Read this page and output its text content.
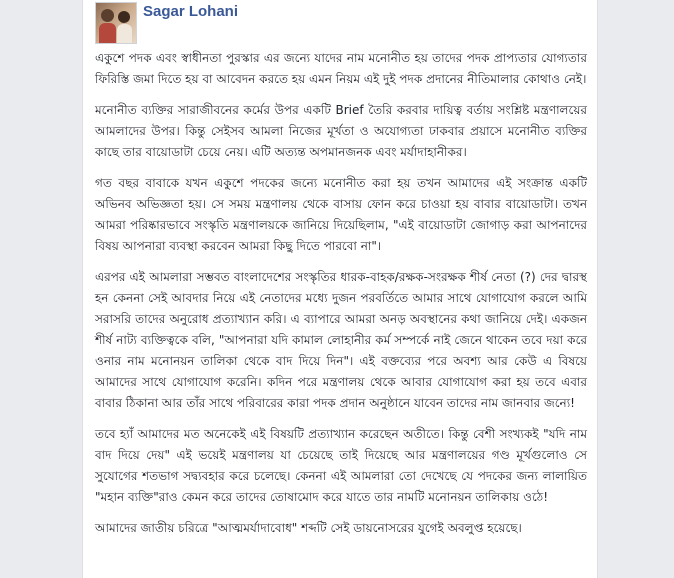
Sagar Lohani

একুশে পদক এবং স্বাধীনতা পুরস্কার এর জন্যে যাদের নাম মনোনীত হয় তাদের পদক প্রাপ্যতার যোগ্যতার ফিরিস্তি জমা দিতে হয় বা আবেদন করতে হয় এমন নিয়ম এই দুই পদক প্রদানের নীতিমালার কোথাও নেই।

মনোনীত ব্যক্তির সারাজীবনের কর্মের উপর একটি Brief তৈরি করবার দায়িত্ব বর্তায় সংশ্লিষ্ট মন্ত্রণালয়ের আমলাদের উপর। কিন্তু সেইসব আমলা নিজের মূর্খতা ও অযোগ্যতা ঢাকবার প্রয়াসে মনোনীত ব্যক্তির কাছে তার বায়োডাটা চেয়ে নেয়। এটি অত্যন্ত অপমানজনক এবং মর্যাদাহানীকর।

গত বছর বাবাকে যখন একুশে পদকের জন্যে মনোনীত করা হয় তখন আমাদের এই সংক্রান্ত একটি অভিনব অভিজ্ঞতা হয়। সে সময় মন্ত্রণালয় থেকে বাসায় ফোন করে চাওয়া হয় বাবার বায়োডাটা। তখন আমরা পরিষ্কারভাবে সংস্কৃতি মন্ত্রণালয়কে জানিয়ে দিয়েছিলাম, "এই বায়োডাটা জোগাড় করা আপনাদের বিষয় আপনারা ব্যবস্থা করবেন আমরা কিছু দিতে পারবো না"।

এরপর এই আমলারা সম্ভবত বাংলাদেশের সংস্কৃতির ধারক-বাহক/রক্ষক-সংরক্ষক শীর্ষ নেতা (?) দের দ্বারস্থ হন কেননা সেই আবদার নিয়ে এই নেতাদের মধ্যে দুজন পরবর্তিতে আমার সাথে যোগাযোগ করলে আমি সরাসরি তাদের অনুরোধ প্রত্যাখ্যান করি। এ ব্যাপারে আমরা অনড় অবস্থানের কথা জানিয়ে দেই। একজন শীর্ষ নাট্য ব্যক্তিত্বকে বলি, "আপনারা যদি কামাল লোহানীর কর্ম সম্পর্কে নাই জেনে থাকেন তবে দয়া করে ওনার নাম মনোনয়ন তালিকা থেকে বাদ দিয়ে দিন"। এই বক্তব্যের পরে অবশ্য আর কেউ এ বিষয়ে আমাদের সাথে যোগাযোগ করেনি। কদিন পরে মন্ত্রণালয় থেকে আবার যোগাযোগ করা হয় তবে এবার বাবার ঠিকানা আর তাঁর সাথে পরিবারের কারা পদক প্রদান অনুষ্ঠানে যাবেন তাদের নাম জানবার জন্যে!

তবে হ্যাঁ আমাদের মত অনেকেই এই বিষয়টি প্রত্যাখ্যান করেছেন অতীতে। কিন্তু বেশী সংখ্যকই "যদি নাম বাদ দিয়ে দেয়" এই ভয়েই মন্ত্রণালয় যা চেয়েছে তাই দিয়েছে আর মন্ত্রণালয়ের গণ্ড মূর্খগুলোও সে সুযোগের শতভাগ সদ্ব্যবহার করে চলেছে। কেননা এই আমলারা তো দেখেছে যে পদকের জন্য লালায়িত "মহান ব্যক্তি"রাও কেমন করে তাদের তোষামোদ করে যাতে তার নামটি মনোনয়ন তালিকায় ওঠে!

আমাদের জাতীয় চরিত্রে "আত্মমর্যাদাবোধ" শব্দটি সেই ডায়নোসরের যুগেই অবলুপ্ত হয়েছে।
